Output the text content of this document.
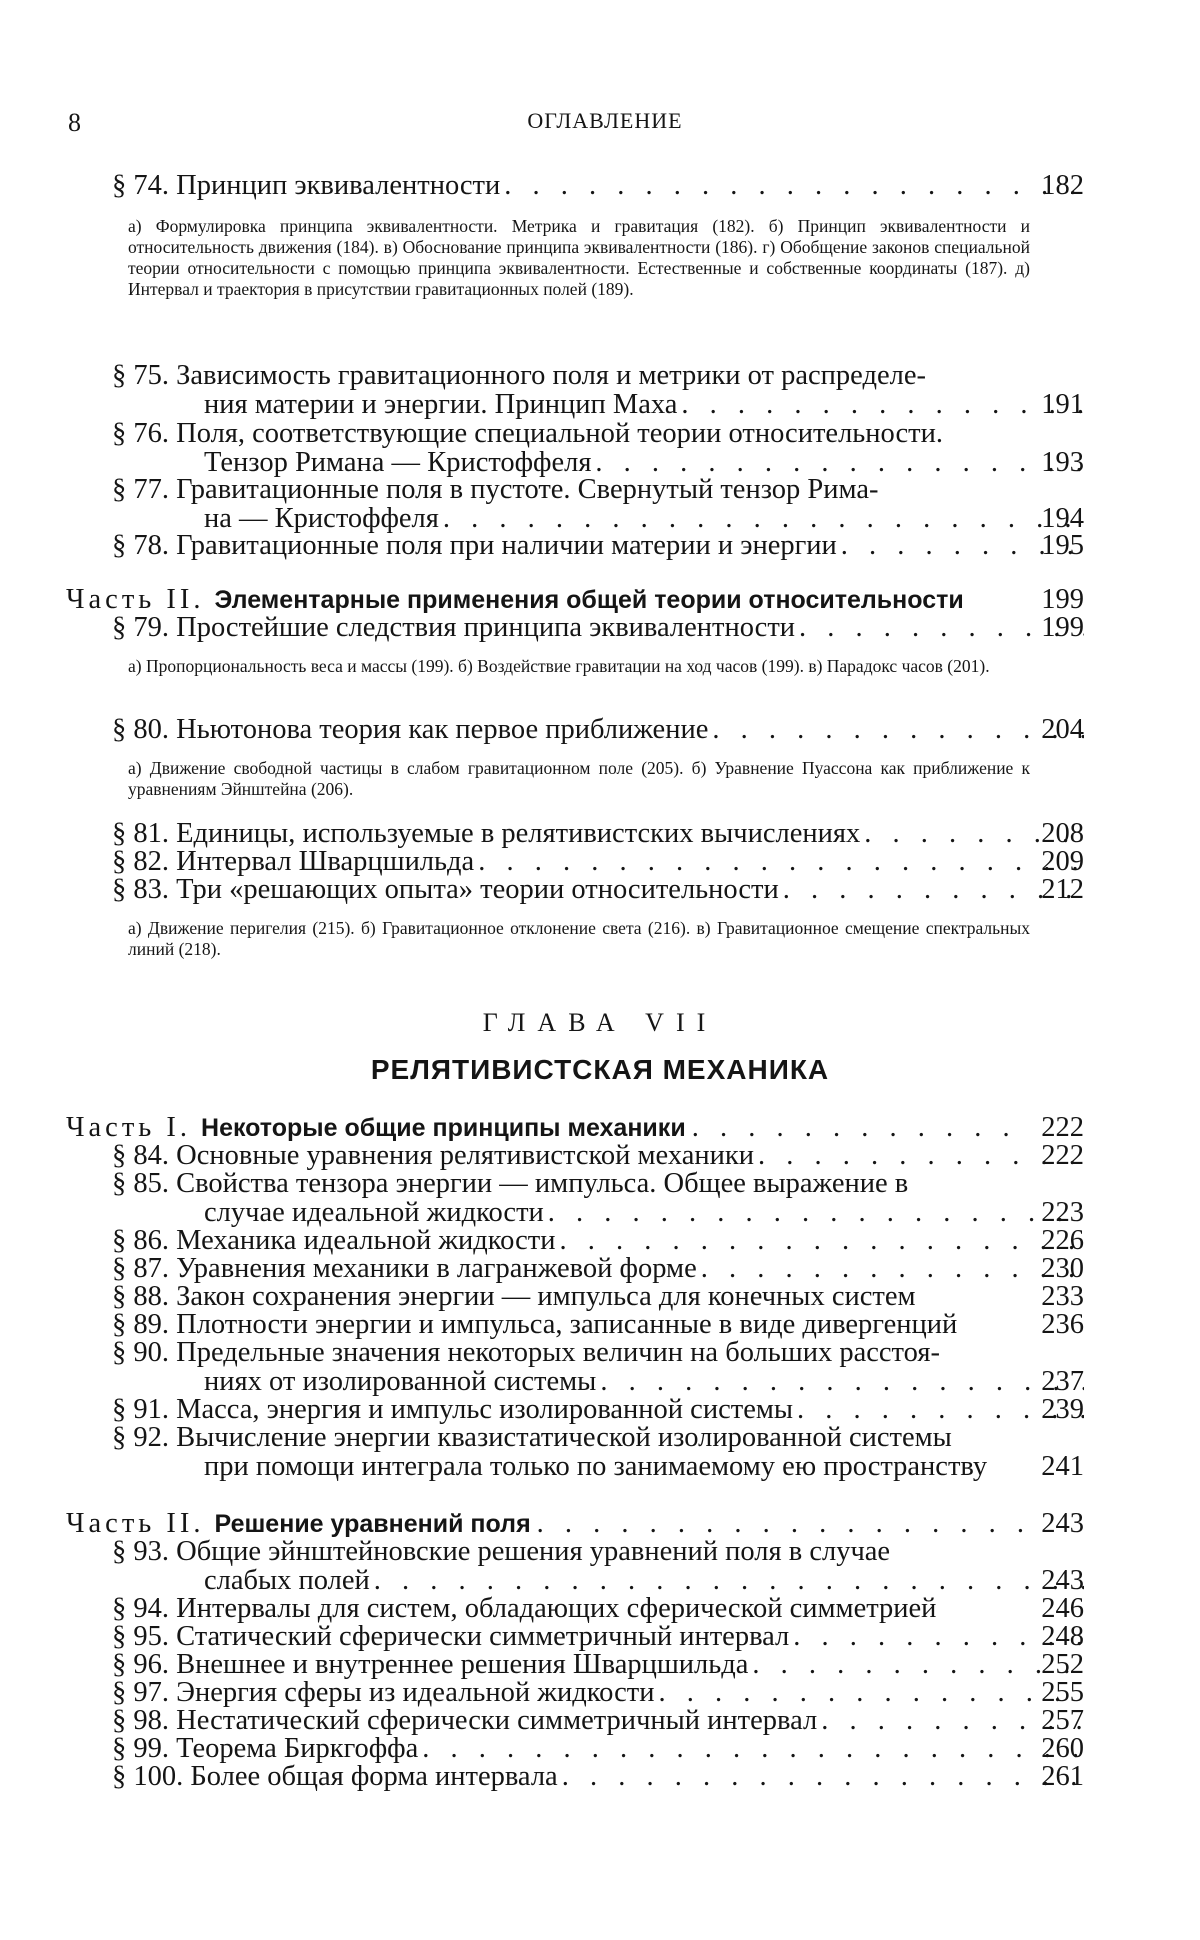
8	ОГЛАВЛЕНИЕ
§ 74.
Принцип эквивалентности . . .	182
а) Формулировка принципа эквивалентности. Метрика и гравитация (182). б) Принцип эквивалентности и относительность движения (184). в) Обоснование принципа эквивалентности (186). г) Обобщение законов специальной теории относительности с помощью принципа эквивалентности. Естественные и собственные координаты (187). д) Интервал и траектория в присутствии гравитационных полей (189).
§ 75.
Зависимость гравитационного поля и метрики от распределе-
ния материи и энергии. Принцип Маха . . .	191
§ 76.
Поля, соответствующие специальной теории относительности.
Тензор Римана — Кристоффеля . . .	193
§ 77.
Гравитационные поля в пустоте. Свернутый тензор Рима-
на — Кристоффеля . . .	194
§ 78.
Гравитационные поля при наличии материи и энергии . . .	195
Часть II. Элементарные применения общей теории относительности	199
§ 79.
Простейшие следствия принципа эквивалентности . . .	199
а) Пропорциональность веса и массы (199). б) Воздействие гравитации на ход часов (199). в) Парадокс часов (201).
§ 80.
Ньютонова теория как первое приближение . . .	204
а) Движение свободной частицы в слабом гравитационном поле (205). б) Уравнение Пуассона как приближение к уравнениям Эйнштейна (206).
§ 81.
Единицы, используемые в релятивистских вычислениях . . .	208
§ 82.
Интервал Шварцшильда . . .	209
§ 83.
Три «решающих опыта» теории относительности . . .	212
а) Движение перигелия (215). б) Гравитационное отклонение света (216). в) Гравитационное смещение спектральных линий (218).
ГЛАВА VII
РЕЛЯТИВИСТСКАЯ МЕХАНИКА
Часть I. Некоторые общие принципы механики . . .	222
§ 84.
Основные уравнения релятивистской механики . . .	222
§ 85.
Свойства тензора энергии — импульса. Общее выражение в
случае идеальной жидкости . . .	223
§ 86.
Механика идеальной жидкости . . .	226
§ 87.
Уравнения механики в лагранжевой форме . . .	230
§ 88.
Закон сохранения энергии — импульса для конечных систем	233
§ 89.
Плотности энергии и импульса, записанные в виде дивергенций	236
§ 90.
Предельные значения некоторых величин на больших расстоя-
ниях от изолированной системы . . .	237
§ 91.
Масса, энергия и импульс изолированной системы . . .	239
§ 92.
Вычисление энергии квазистатической изолированной системы
при помощи интеграла только по занимаемому ею пространству	241
Часть II. Решение уравнений поля . . .	243
§ 93.
Общие эйнштейновские решения уравнений поля в случае
слабых полей . . .	243
§ 94.
Интервалы для систем, обладающих сферической симметрией	246
§ 95.
Статический сферически симметричный интервал . . .	248
§ 96.
Внешнее и внутреннее решения Шварцшильда . . .	252
§ 97.
Энергия сферы из идеальной жидкости . . .	255
§ 98.
Нестатический сферически симметричный интервал . . .	257
§ 99.
Теорема Биркгоффа . . .	260
§ 100.
Более общая форма интервала . . .	261
